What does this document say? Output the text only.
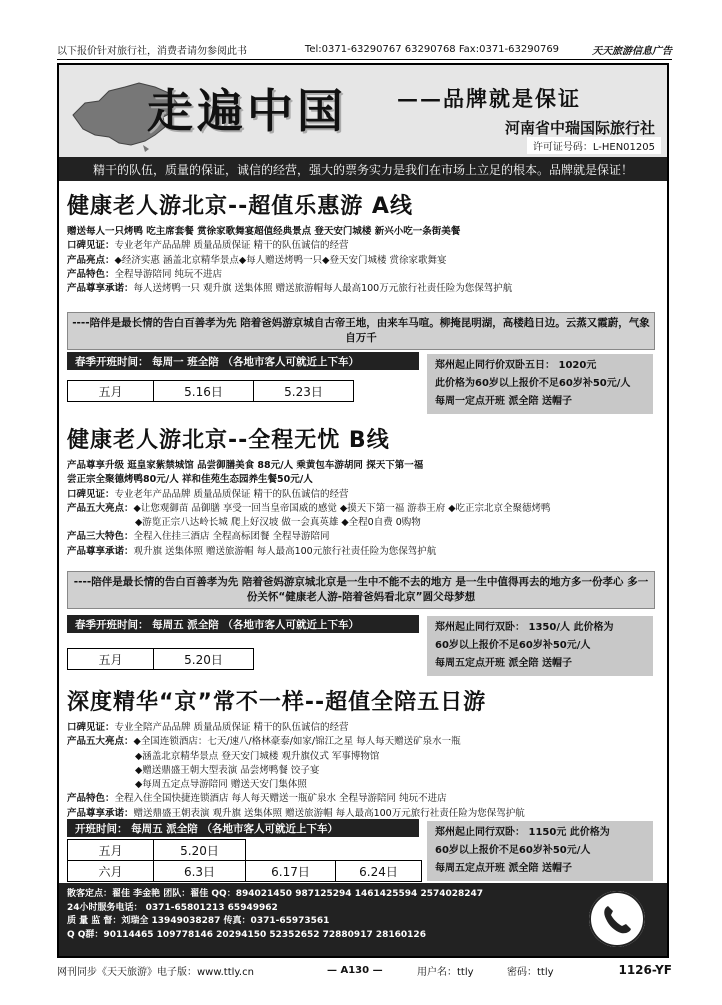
以下报价针对旅行社，消费者请勿参阅此书	Tel:0371-63290767 63290768 Fax:0371-63290769	天天旅游信息广告
走遍中国 ——品牌就是保证
河南省中瑞国际旅行社
许可证号码：L-HEN01205
精干的队伍，质量的保证，诚信的经营，强大的票务实力是我们在市场上立足的根本。品牌就是保证！
健康老人游北京--超值乐惠游 A线
赠送每人一只烤鸭 吃主席套餐 赏徐家歌舞宴超值经典景点 登天安门城楼 新兴小吃一条街美餐
口碑见证：专业老年产品品牌 质量品质保证 精干的队伍诚信的经营
产品亮点：◆经济实惠 涵盖北京精华景点◆每人赠送烤鸭一只◆登天安门城楼 赏徐家歌舞宴
产品特色：全程导游陪同 纯玩不进店
产品尊享承诺：每人送烤鸭一只 观升旗 送集体照 赠送旅游帽每人最高100万元旅行社责任险为您保驾护航
----陪伴是最长情的告白百善孝为先 陪着爸妈游京城自古帝王地，由来车马喧。柳掩昆明湖，高楼趋日边。云蒸又霞蔚，气象自万千
春季开班时间： 每周一 班全陪 （各地市客人可就近上下车）
五月	5.16日	5.23日
郑州起止同行价双卧五日： 1020元
此价格为60岁以上报价不足60岁补50元/人
每周一定点开班 派全陪 送帽子
健康老人游北京--全程无忧 B线
产品尊享升级 逛皇家紫禁城馆 品尝御膳美食 88元/人 乘黄包车游胡同 探天下第一福
尝正宗全聚德烤鸭80元/人 祥和佳苑生态园养生餐50元/人
口碑见证：专业老年产品品牌 质量品质保证 精干的队伍诚信的经营
产品五大亮点：◆让您观御苗 品御膳 享受一回当皇帝国威的感觉 ◆摸天下第一福 游恭王府 ◆吃正宗北京全聚德烤鸭
◆游览正宗八达岭长城 爬上好汉坡 做一会真英雄 ◆全程0自费 0购物
产品三大特色：全程入住挂三酒店 全程高标团餐 全程导游陪同
产品尊享承诺：观升旗 送集体照 赠送旅游帽 每人最高100元旅行社责任险为您保驾护航
----陪伴是最长情的告白百善孝为先 陪着爸妈游京城北京是一生中不能不去的地方 是一生中值得再去的地方多一份孝心 多一份关怀“健康老人游-陪着爸妈看北京”圆父母梦想
春季开班时间： 每周五 派全陪 （各地市客人可就近上下车）
五月	5.20日
郑州起止同行双卧： 1350/人 此价格为
60岁以上报价不足60岁补50元/人
每周五定点开班 派全陪 送帽子
深度精华“京”常不一样--超值全陪五日游
口碑见证：专业全陪产品品牌 质量品质保证 精干的队伍诚信的经营
产品五大亮点：◆全国连锁酒店：七天/速八/格林豪泰/如家/锦江之星 每人每天赠送矿泉水一瓶
◆涵盖北京精华景点 登天安门城楼 观升旗仪式 军事博物馆
◆赠送鼎盛王朝大型表演 品尝烤鸭餐 饺子宴
◆每周五定点导游陪同 赠送天安门集体照
产品特色：全程入住全国快捷连锁酒店 每人每天赠送一瓶矿泉水 全程导游陪同 纯玩不进店
产品尊享承诺：赠送鼎盛王朝表演 观升旗 送集体照 赠送旅游帽 每人最高100万元旅行社责任险为您保驾护航
开班时间： 每周五 派全陪 （各地市客人可就近上下车）
五月	5.20日		
六月	6.3日	6.17日	6.24日
郑州起止同行双卧： 1150元 此价格为
60岁以上报价不足60岁补50元/人
每周五定点开班 派全陪 送帽子
散客定点：翟佳 李金艳 团队：翟佳 QQ：894021450 987125294 1461425594 2574028247
24小时服务电话： 0371-65801213 65949962
质 量 监 督：刘瑞全 13949038287 传真：0371-65973561
Q Q群：90114465 109778146 20294150 52352652 72880917 28160126
网刊同步《天天旅游》电子版：www.ttly.cn	— A130 —	用户名：ttly	密码：ttly	1126-YF
